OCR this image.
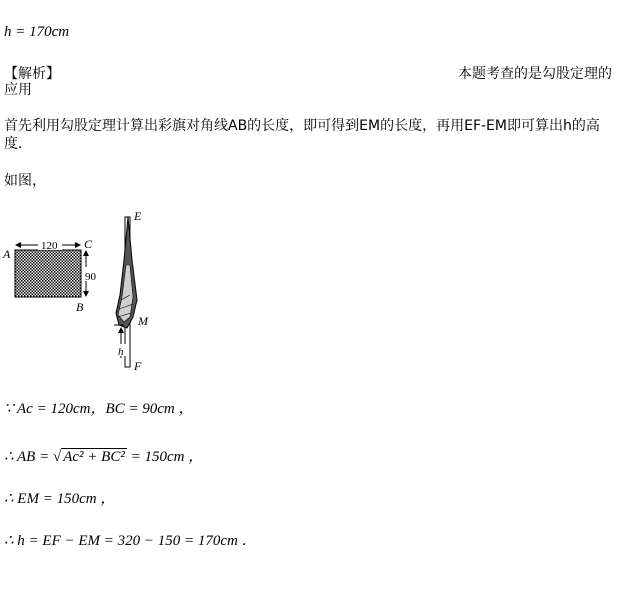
h = 170cm
【解析】	本题考查的是勾股定理的
应用
首先利用勾股定理计算出彩旗对角线AB的长度，即可得到EM的长度，再用EF-EM即可算出h的高
度．
如图，
120
90
A
C
B
h
E
M
F
∵ Ac = 120cm，BC = 90cm ，
∴ AB = √ Ac² + BC² = 150cm ，
∴ EM = 150cm ，
∴ h = EF − EM = 320 − 150 = 170cm ．
